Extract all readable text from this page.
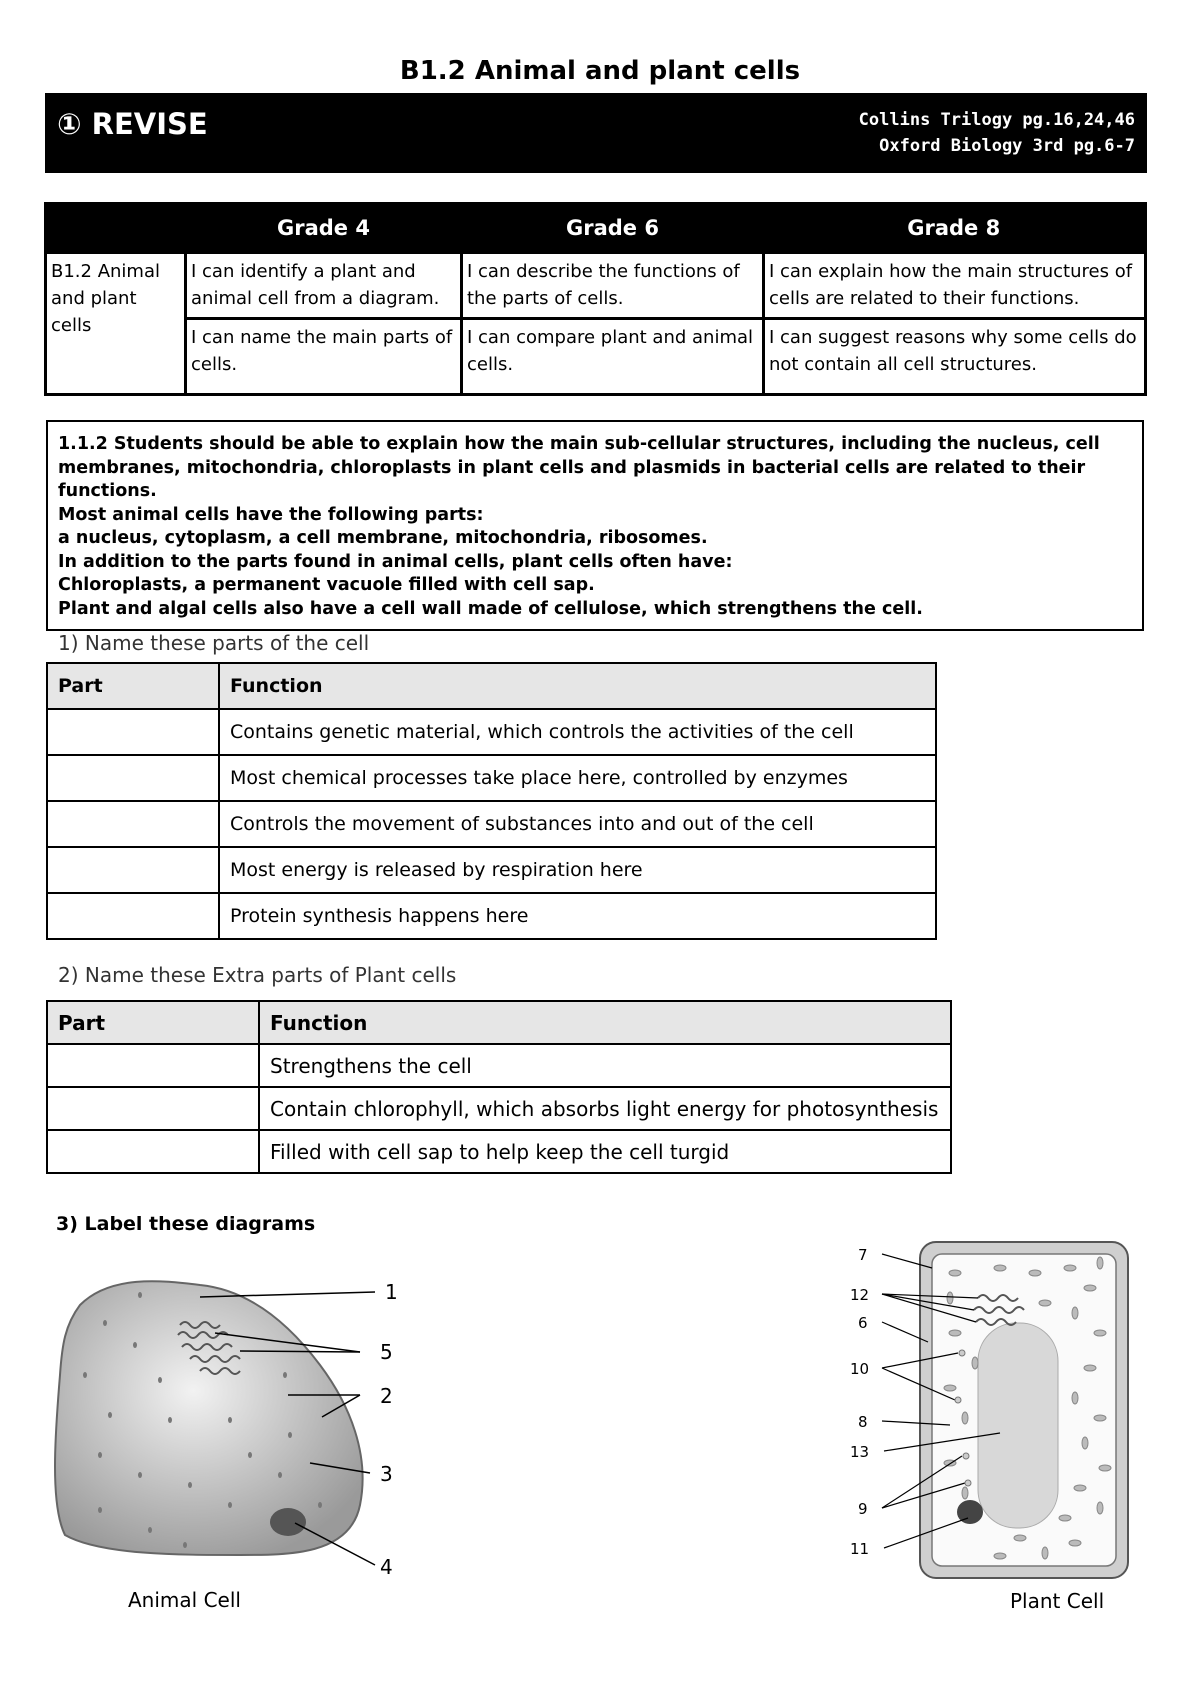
B1.2 Animal and plant cells
① REVISE	Collins Trilogy pg.16,24,46
Oxford Biology 3rd pg.6-7
	Grade 4	Grade 6	Grade 8
B1.2 Animal and plant cells	I can identify a plant and animal cell from a diagram.	I can describe the functions of the parts of cells.	I can explain how the main structures of cells are related to their functions.
	I can name the main parts of cells.	I can compare plant and animal cells.	I can suggest reasons why some cells do not contain all cell structures.
1.1.2 Students should be able to explain how the main sub-cellular structures, including the nucleus, cell membranes, mitochondria, chloroplasts in plant cells and plasmids in bacterial cells are related to their functions.
Most animal cells have the following parts:
a nucleus, cytoplasm, a cell membrane, mitochondria, ribosomes.
In addition to the parts found in animal cells, plant cells often have:
Chloroplasts, a permanent vacuole filled with cell sap.
Plant and algal cells also have a cell wall made of cellulose, which strengthens the cell.
1) Name these parts of the cell
Part	Function
	Contains genetic material, which controls the activities of the cell
	Most chemical processes take place here, controlled by enzymes
	Controls the movement of substances into and out of the cell
	Most energy is released by respiration here
	Protein synthesis happens here
2) Name these Extra parts of Plant cells
Part	Function
	Strengthens the cell
	Contain chlorophyll, which absorbs light energy for photosynthesis
	Filled with cell sap to help keep the cell turgid
3) Label these diagrams
1
5
2
3
4
Animal Cell
7
12
6
10
8
13
9
11
Plant Cell
